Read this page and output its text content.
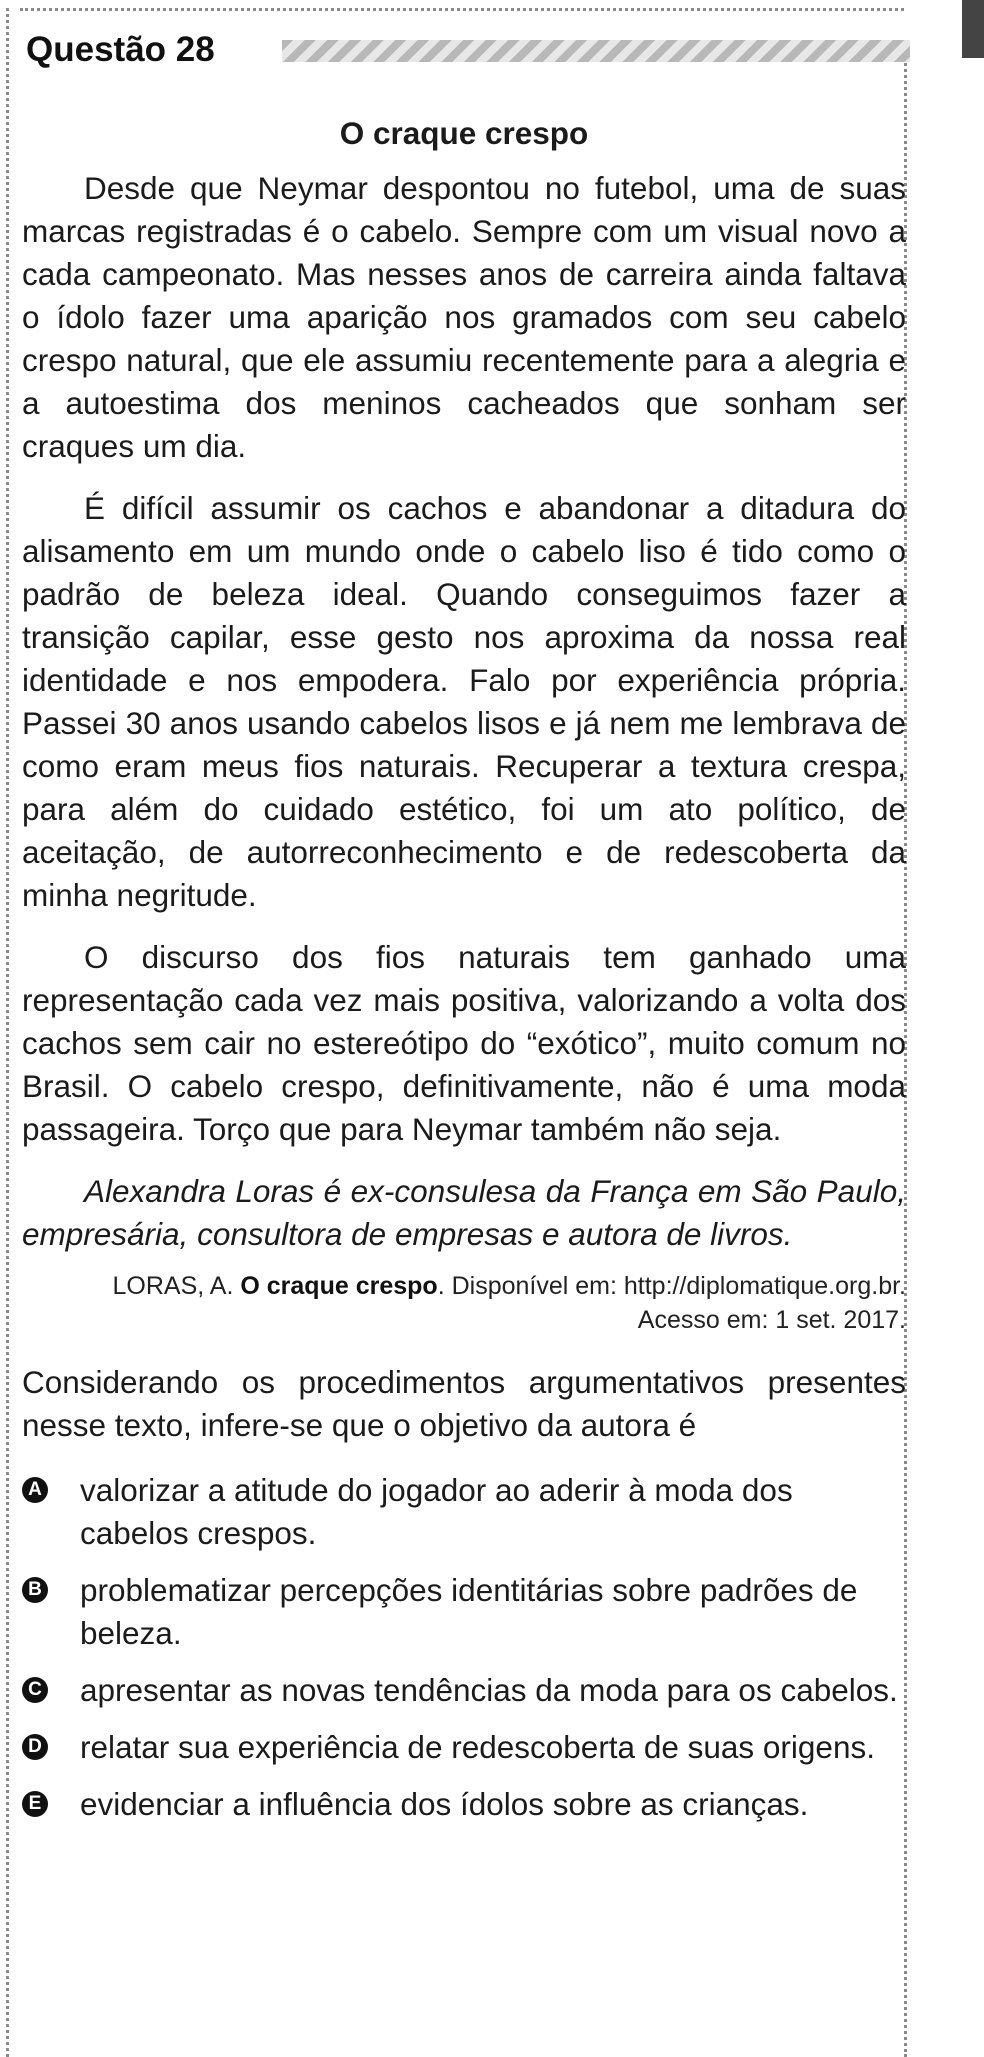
Questão 28

O craque crespo

Desde que Neymar despontou no futebol, uma de suas marcas registradas é o cabelo. Sempre com um visual novo a cada campeonato. Mas nesses anos de carreira ainda faltava o ídolo fazer uma aparição nos gramados com seu cabelo crespo natural, que ele assumiu recentemente para a alegria e a autoestima dos meninos cacheados que sonham ser craques um dia.

É difícil assumir os cachos e abandonar a ditadura do alisamento em um mundo onde o cabelo liso é tido como o padrão de beleza ideal. Quando conseguimos fazer a transição capilar, esse gesto nos aproxima da nossa real identidade e nos empodera. Falo por experiência própria. Passei 30 anos usando cabelos lisos e já nem me lembrava de como eram meus fios naturais. Recuperar a textura crespa, para além do cuidado estético, foi um ato político, de aceitação, de autorreconhecimento e de redescoberta da minha negritude.

O discurso dos fios naturais tem ganhado uma representação cada vez mais positiva, valorizando a volta dos cachos sem cair no estereótipo do “exótico”, muito comum no Brasil. O cabelo crespo, definitivamente, não é uma moda passageira. Torço que para Neymar também não seja.

Alexandra Loras é ex-consulesa da França em São Paulo, empresária, consultora de empresas e autora de livros.

LORAS, A. O craque crespo. Disponível em: http://diplomatique.org.br.
Acesso em: 1 set. 2017.

Considerando os procedimentos argumentativos presentes nesse texto, infere-se que o objetivo da autora é

A valorizar a atitude do jogador ao aderir à moda dos cabelos crespos.
B problematizar percepções identitárias sobre padrões de beleza.
C apresentar as novas tendências da moda para os cabelos.
D relatar sua experiência de redescoberta de suas origens.
E evidenciar a influência dos ídolos sobre as crianças.
